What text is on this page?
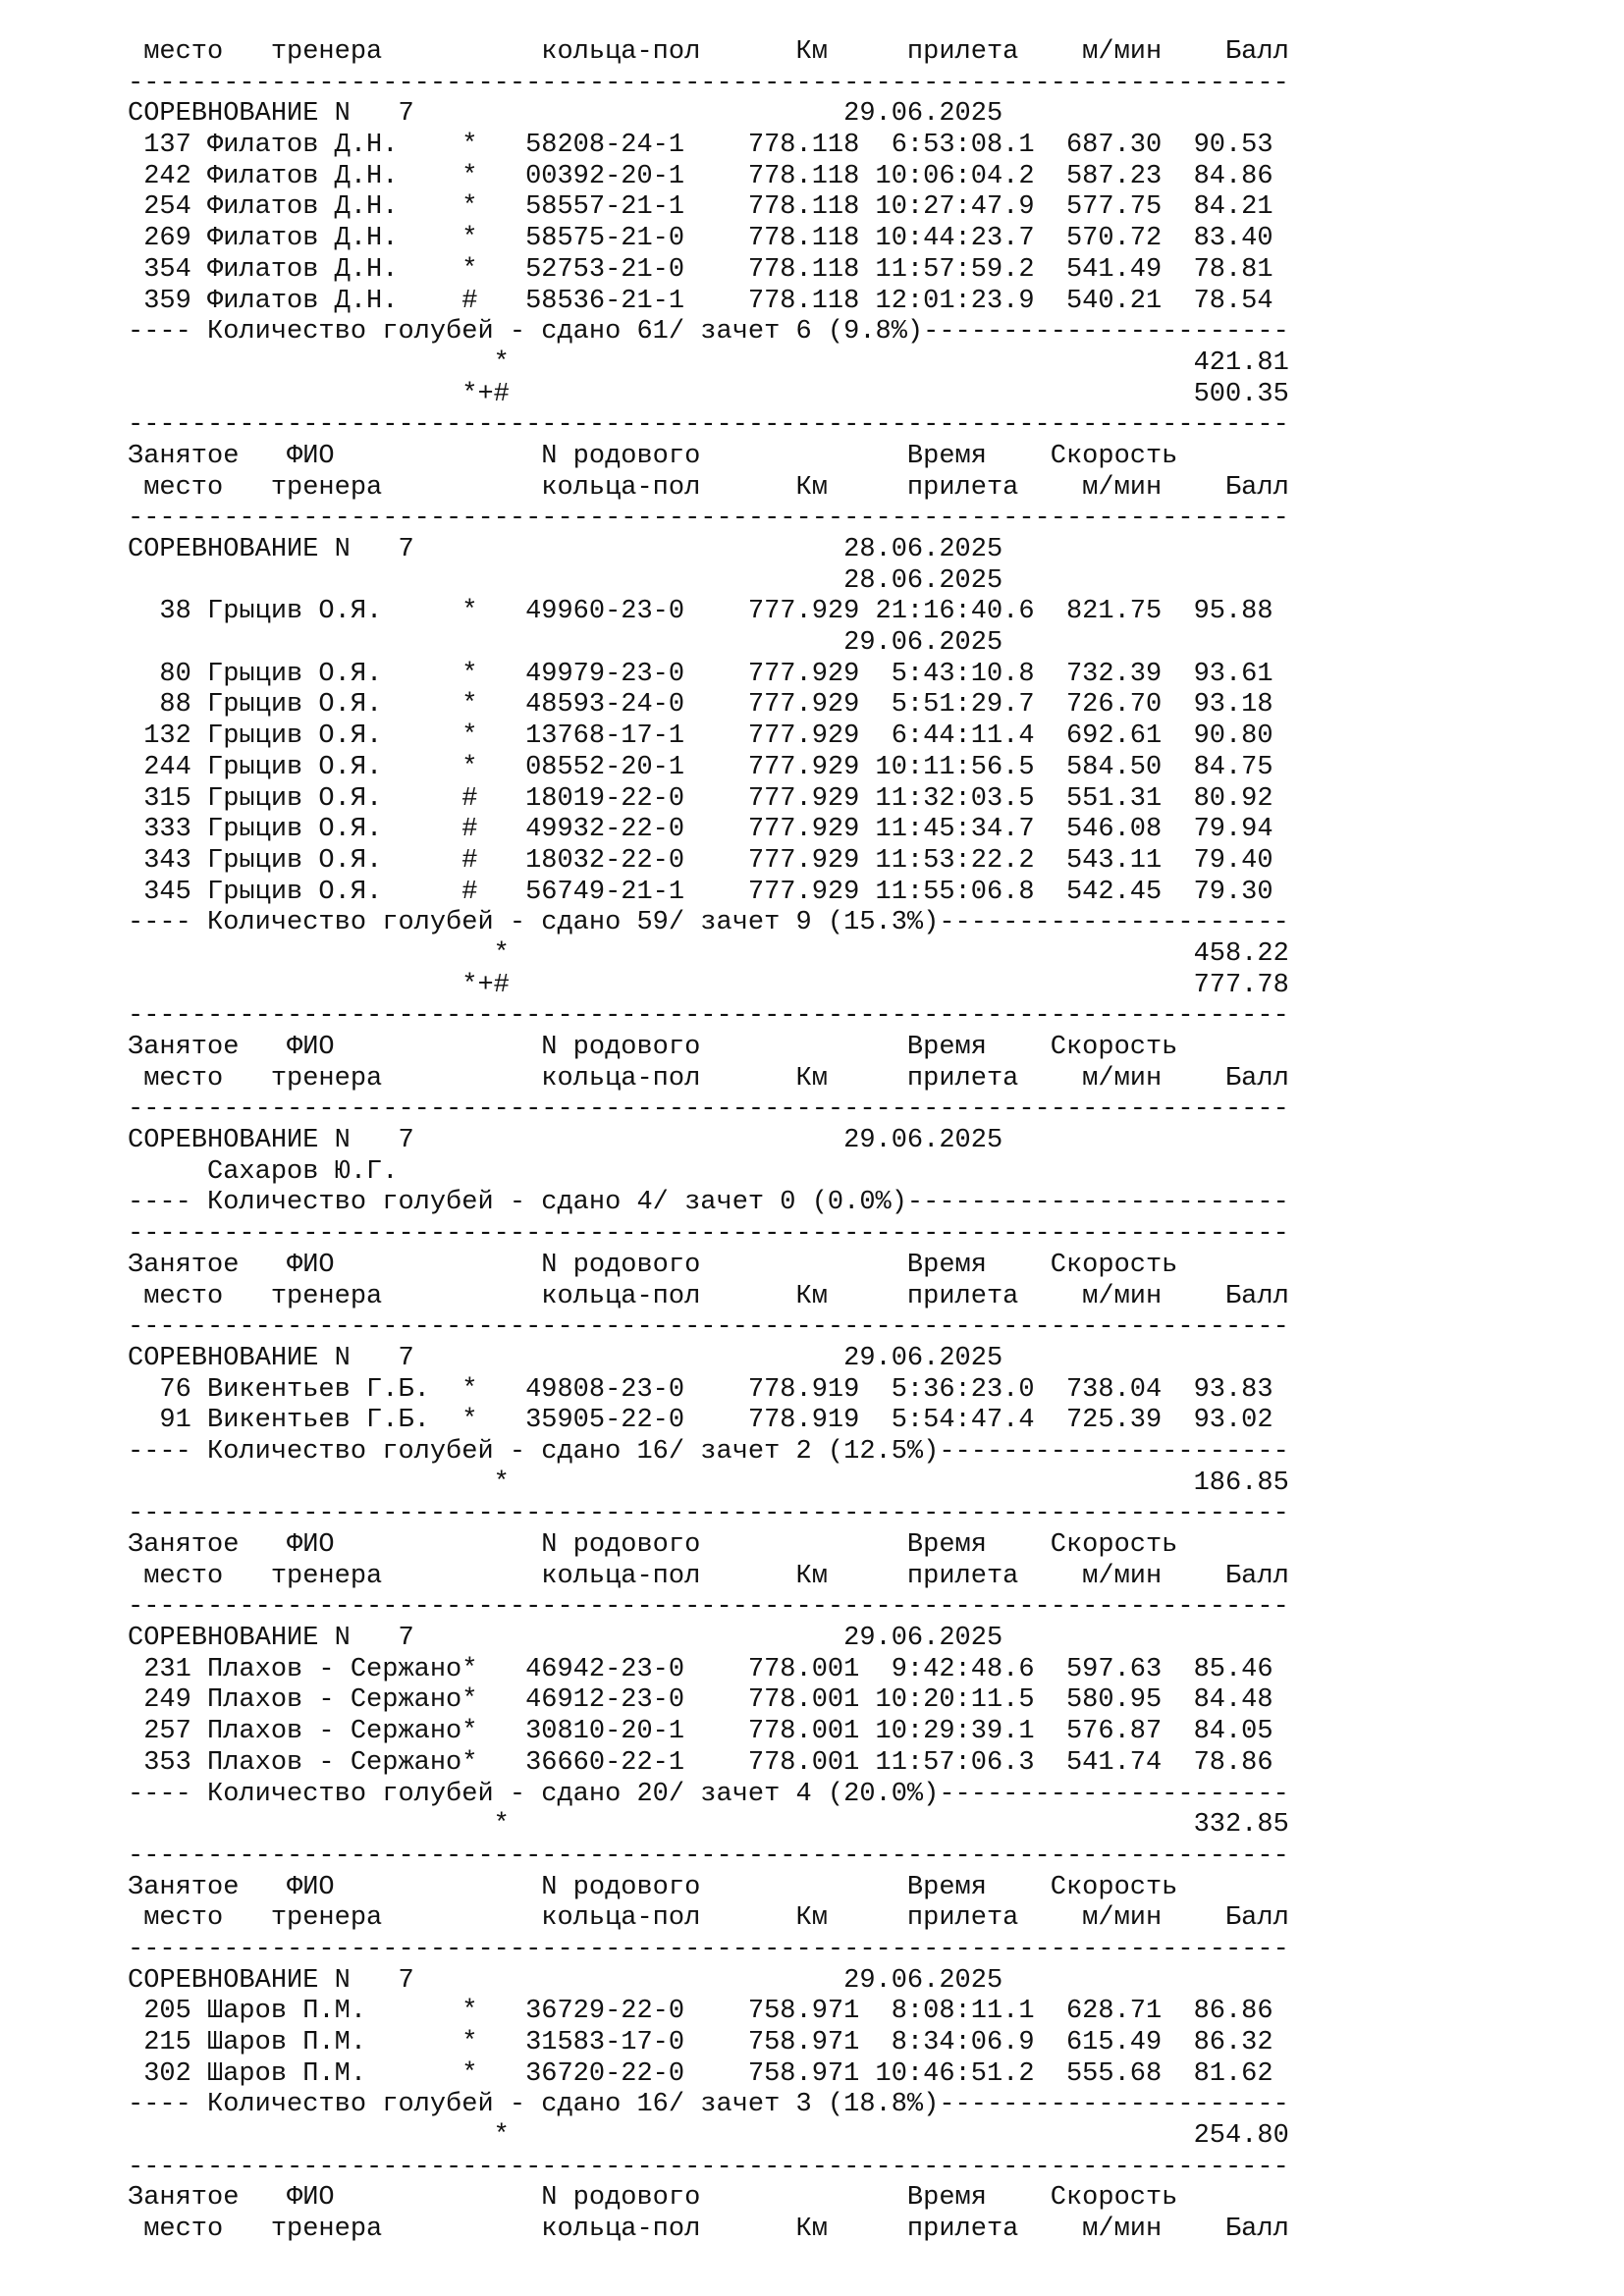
место   тренера          кольца-пол      Км     прилета    м/мин    Балл
-------------------------------------------------------------------------
СОРЕВНОВАНИЕ N   7                           29.06.2025
137 Филатов Д.Н.    *   58208-24-1    778.118  6:53:08.1  687.30  90.53
242 Филатов Д.Н.    *   00392-20-1    778.118 10:06:04.2  587.23  84.86
254 Филатов Д.Н.    *   58557-21-1    778.118 10:27:47.9  577.75  84.21
269 Филатов Д.Н.    *   58575-21-0    778.118 10:44:23.7  570.72  83.40
354 Филатов Д.Н.    *   52753-21-0    778.118 11:57:59.2  541.49  78.81
359 Филатов Д.Н.    #   58536-21-1    778.118 12:01:23.9  540.21  78.54
---- Количество голубей - сдано 61/ зачет 6 (9.8%)-----------------------
*                                           421.81
*+#                                           500.35
-------------------------------------------------------------------------
Занятое   ФИО             N родового             Время    Скорость
место   тренера          кольца-пол      Км     прилета    м/мин    Балл
-------------------------------------------------------------------------
СОРЕВНОВАНИЕ N   7                           28.06.2025
28.06.2025
38 Грыцив О.Я.     *   49960-23-0    777.929 21:16:40.6  821.75  95.88
29.06.2025
80 Грыцив О.Я.     *   49979-23-0    777.929  5:43:10.8  732.39  93.61
88 Грыцив О.Я.     *   48593-24-0    777.929  5:51:29.7  726.70  93.18
132 Грыцив О.Я.     *   13768-17-1    777.929  6:44:11.4  692.61  90.80
244 Грыцив О.Я.     *   08552-20-1    777.929 10:11:56.5  584.50  84.75
315 Грыцив О.Я.     #   18019-22-0    777.929 11:32:03.5  551.31  80.92
333 Грыцив О.Я.     #   49932-22-0    777.929 11:45:34.7  546.08  79.94
343 Грыцив О.Я.     #   18032-22-0    777.929 11:53:22.2  543.11  79.40
345 Грыцив О.Я.     #   56749-21-1    777.929 11:55:06.8  542.45  79.30
---- Количество голубей - сдано 59/ зачет 9 (15.3%)----------------------
*                                           458.22
*+#                                           777.78
-------------------------------------------------------------------------
Занятое   ФИО             N родового             Время    Скорость
место   тренера          кольца-пол      Км     прилета    м/мин    Балл
-------------------------------------------------------------------------
СОРЕВНОВАНИЕ N   7                           29.06.2025
Сахаров Ю.Г.
---- Количество голубей - сдано 4/ зачет 0 (0.0%)------------------------
-------------------------------------------------------------------------
Занятое   ФИО             N родового             Время    Скорость
место   тренера          кольца-пол      Км     прилета    м/мин    Балл
-------------------------------------------------------------------------
СОРЕВНОВАНИЕ N   7                           29.06.2025
76 Викентьев Г.Б.  *   49808-23-0    778.919  5:36:23.0  738.04  93.83
91 Викентьев Г.Б.  *   35905-22-0    778.919  5:54:47.4  725.39  93.02
---- Количество голубей - сдано 16/ зачет 2 (12.5%)----------------------
*                                           186.85
-------------------------------------------------------------------------
Занятое   ФИО             N родового             Время    Скорость
место   тренера          кольца-пол      Км     прилета    м/мин    Балл
-------------------------------------------------------------------------
СОРЕВНОВАНИЕ N   7                           29.06.2025
231 Плахов - Сержано*   46942-23-0    778.001  9:42:48.6  597.63  85.46
249 Плахов - Сержано*   46912-23-0    778.001 10:20:11.5  580.95  84.48
257 Плахов - Сержано*   30810-20-1    778.001 10:29:39.1  576.87  84.05
353 Плахов - Сержано*   36660-22-1    778.001 11:57:06.3  541.74  78.86
---- Количество голубей - сдано 20/ зачет 4 (20.0%)----------------------
*                                           332.85
-------------------------------------------------------------------------
Занятое   ФИО             N родового             Время    Скорость
место   тренера          кольца-пол      Км     прилета    м/мин    Балл
-------------------------------------------------------------------------
СОРЕВНОВАНИЕ N   7                           29.06.2025
205 Шаров П.М.      *   36729-22-0    758.971  8:08:11.1  628.71  86.86
215 Шаров П.М.      *   31583-17-0    758.971  8:34:06.9  615.49  86.32
302 Шаров П.М.      *   36720-22-0    758.971 10:46:51.2  555.68  81.62
---- Количество голубей - сдано 16/ зачет 3 (18.8%)----------------------
*                                           254.80
-------------------------------------------------------------------------
Занятое   ФИО             N родового             Время    Скорость
место   тренера          кольца-пол      Км     прилета    м/мин    Балл
